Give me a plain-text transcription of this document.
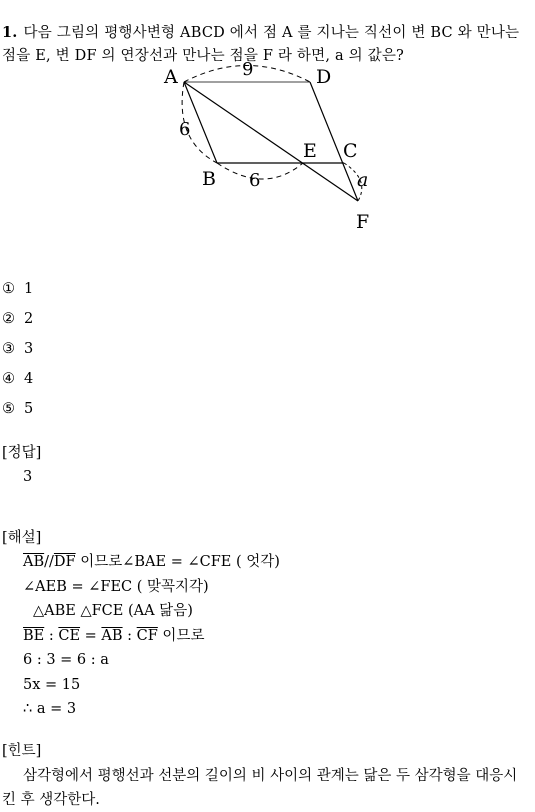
1. 다음 그림의 평행사변형 ABCD 에서 점 A 를 지나는 직선이 변 BC 와 만나는 점을 E, 변 DF 의 연장선과 만나는 점을 F 라 하면, a 의 값은?
A	D
B
E C
F
9
6
6	a
① 1
② 2
③ 3
④ 4
⑤ 5
[정답]
3
[해설]
$\overline{AB}//\overline{DF}$ 이므로∠BAE = ∠CFE ( 엇각)
∠AEB = ∠FEC ( 맞꼭지각)
△ABE △FCE (AA 닮음)
$\overline{BE}$ : $\overline{CE} = \overline{AB}$ : $\overline{CF}$ 이므로
6 : 3 = 6 : a
5x = 15
∴ a = 3
[힌트]
삼각형에서 평행선과 선분의 길이의 비 사이의 관계는 닮은 두 삼각형을 대응시킨 후 생각한다.
